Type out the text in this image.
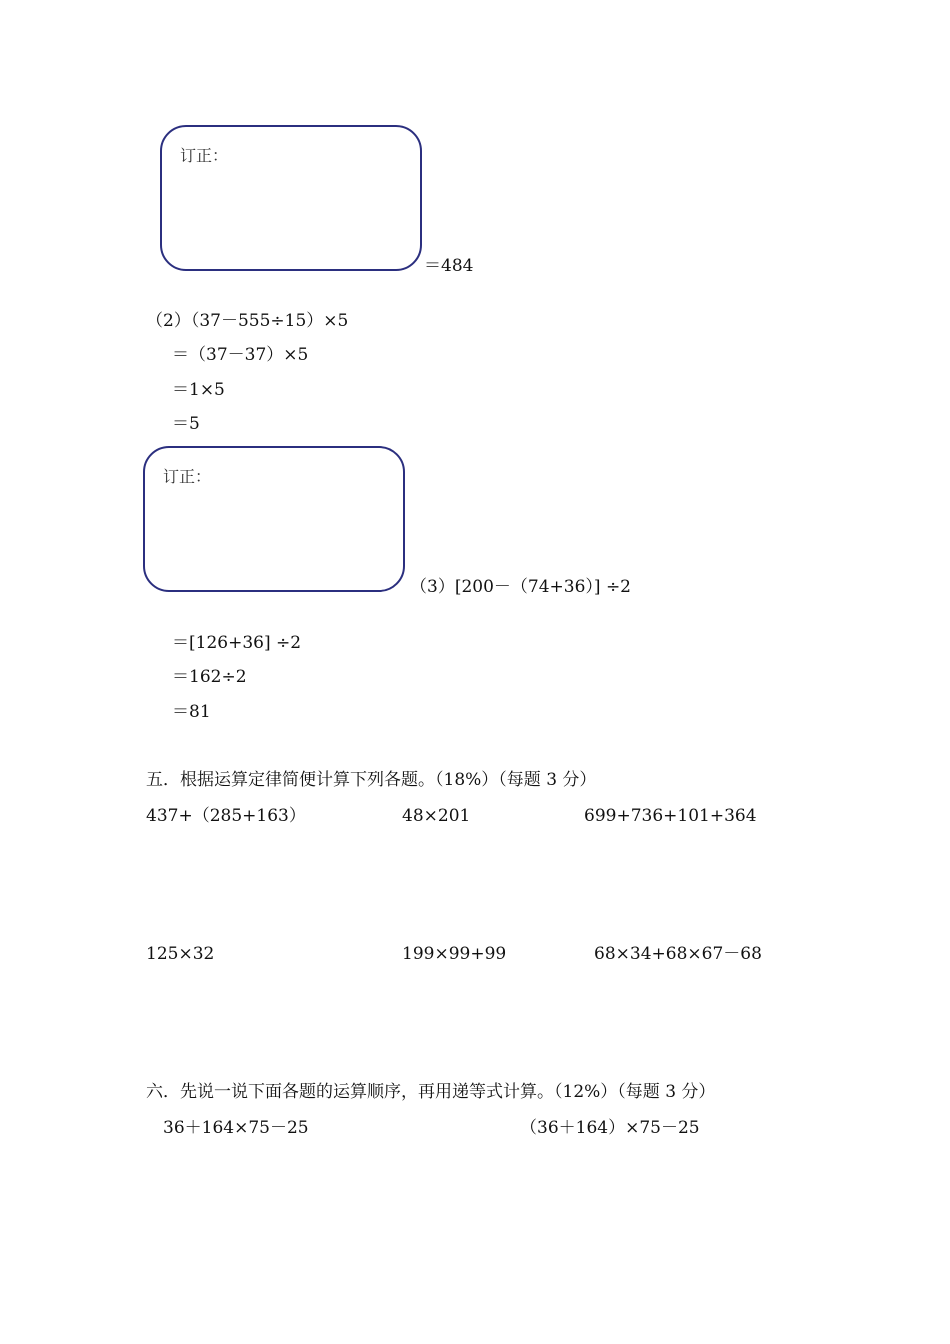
订正：
＝484
（2）（37－555÷15）×5
＝（37－37）×5
＝1×5
＝5
订正：
（3）[200－（74+36）] ÷2
＝[126+36] ÷2
＝162÷2
＝81
五．根据运算定律简便计算下列各题。（18%）（每题 3 分）
437+（285+163）	48×201	699+736+101+364
125×32	199×99+99	68×34+68×67－68
六．先说一说下面各题的运算顺序，再用递等式计算。（12%）（每题 3 分）
36＋164×75－25	（36＋164）×75－25
